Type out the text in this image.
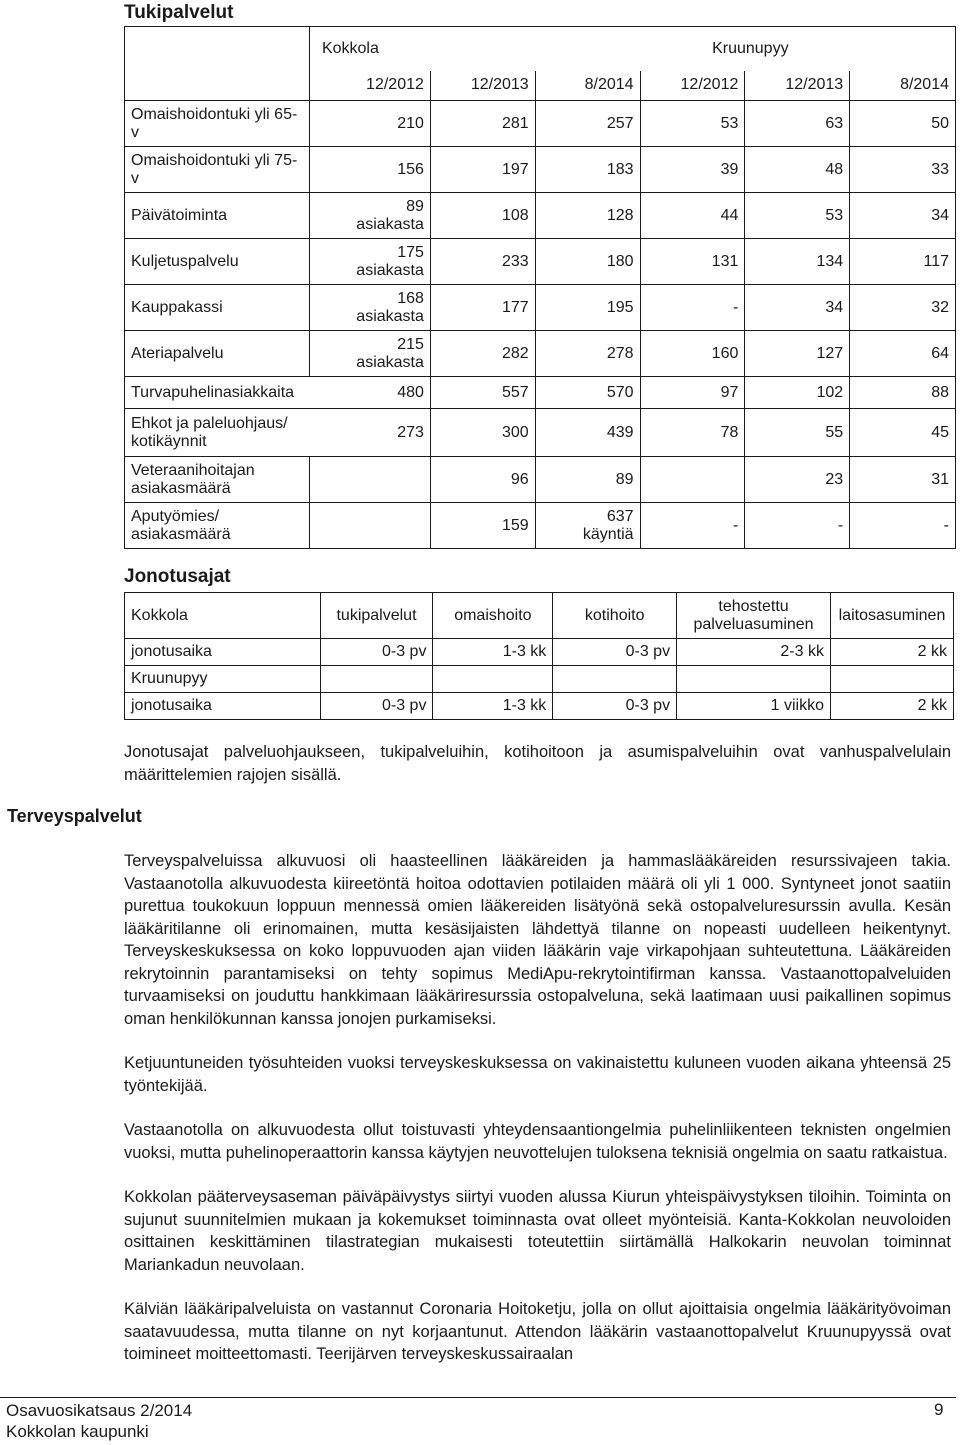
Tukipalvelut
	Kokkola			Kruunupyy		
	12/2012	12/2013	8/2014	12/2012	12/2013	8/2014
Omaishoidontuki yli 65-v	210	281	257	53	63	50
Omaishoidontuki yli 75-v	156	197	183	39	48	33
Päivätoiminta	89 asiakasta	108	128	44	53	34
Kuljetuspalvelu	175 asiakasta	233	180	131	134	117
Kauppakassi	168 asiakasta	177	195	-	34	32
Ateriapalvelu	215 asiakasta	282	278	160	127	64
Turvapuhelinasiakkaita	480	557	570	97	102	88
Ehkot ja paleluohjaus/ kotikäynnit	273	300	439	78	55	45
Veteraanihoitajan asiakasmäärä		96	89		23	31
Aputyömies/ asiakasmäärä		159	637 käyntiä	-	-	-
Jonotusajat
Kokkola	tukipalvelut	omaishoito	kotihoito	tehostettu palveluasuminen	laitosasuminen
jonotusaika	0-3 pv	1-3 kk	0-3 pv	2-3 kk	2 kk
Kruunupyy					
jonotusaika	0-3 pv	1-3 kk	0-3 pv	1 viikko	2 kk

Jonotusajat palveluohjaukseen, tukipalveluihin, kotihoitoon ja asumispalveluihin ovat vanhuspalvelulain määrittelemien rajojen sisällä.

Terveyspalvelut

Terveyspalveluissa alkuvuosi oli haasteellinen lääkäreiden ja hammaslääkäreiden resurssivajeen takia. Vastaanotolla alkuvuodesta kiireetöntä hoitoa odottavien potilaiden määrä oli yli 1 000. Syntyneet jonot saatiin purettua toukokuun loppuun mennessä omien lääkereiden lisätyönä sekä ostopalveluresurssin avulla. Kesän lääkäritilanne oli erinomainen, mutta kesäsijaisten lähdettyä tilanne on nopeasti uudelleen heikentynyt. Terveyskeskuksessa on koko loppuvuoden ajan viiden lääkärin vaje virkapohjaan suhteutettuna. Lääkäreiden rekrytoinnin parantamiseksi on tehty sopimus MediApu-rekrytointifirman kanssa. Vastaanottopalveluiden turvaamiseksi on jouduttu hankkimaan lääkäriresurssia ostopalveluna, sekä laatimaan uusi paikallinen sopimus oman henkilökunnan kanssa jonojen purkamiseksi.

Ketjuuntuneiden työsuhteiden vuoksi terveyskeskuksessa on vakinaistettu kuluneen vuoden aikana yhteensä 25 työntekijää.

Vastaanotolla on alkuvuodesta ollut toistuvasti yhteydensaantiongelmia puhelinliikenteen teknisten ongelmien vuoksi, mutta puhelinoperaattorin kanssa käytyjen neuvottelujen tuloksena teknisiä ongelmia on saatu ratkaistua.

Kokkolan pääterveysaseman päiväpäivystys siirtyi vuoden alussa Kiurun yhteispäivystyksen tiloihin. Toiminta on sujunut suunnitelmien mukaan ja kokemukset toiminnasta ovat olleet myönteisiä. Kanta-Kokkolan neuvoloiden osittainen keskittäminen tilastrategian mukaisesti toteutettiin siirtämällä Halkokarin neuvolan toiminnat Mariankadun neuvolaan.

Kälviän lääkäripalveluista on vastannut Coronaria Hoitoketju, jolla on ollut ajoittaisia ongelmia lääkärityövoiman saatavuudessa, mutta tilanne on nyt korjaantunut. Attendon lääkärin vastaanottopalvelut Kruunupyyssä ovat toimineet moitteettomasti. Teerijärven terveyskeskussairaalan

Osavuosikatsaus 2/2014
Kokkolan kaupunki
9
